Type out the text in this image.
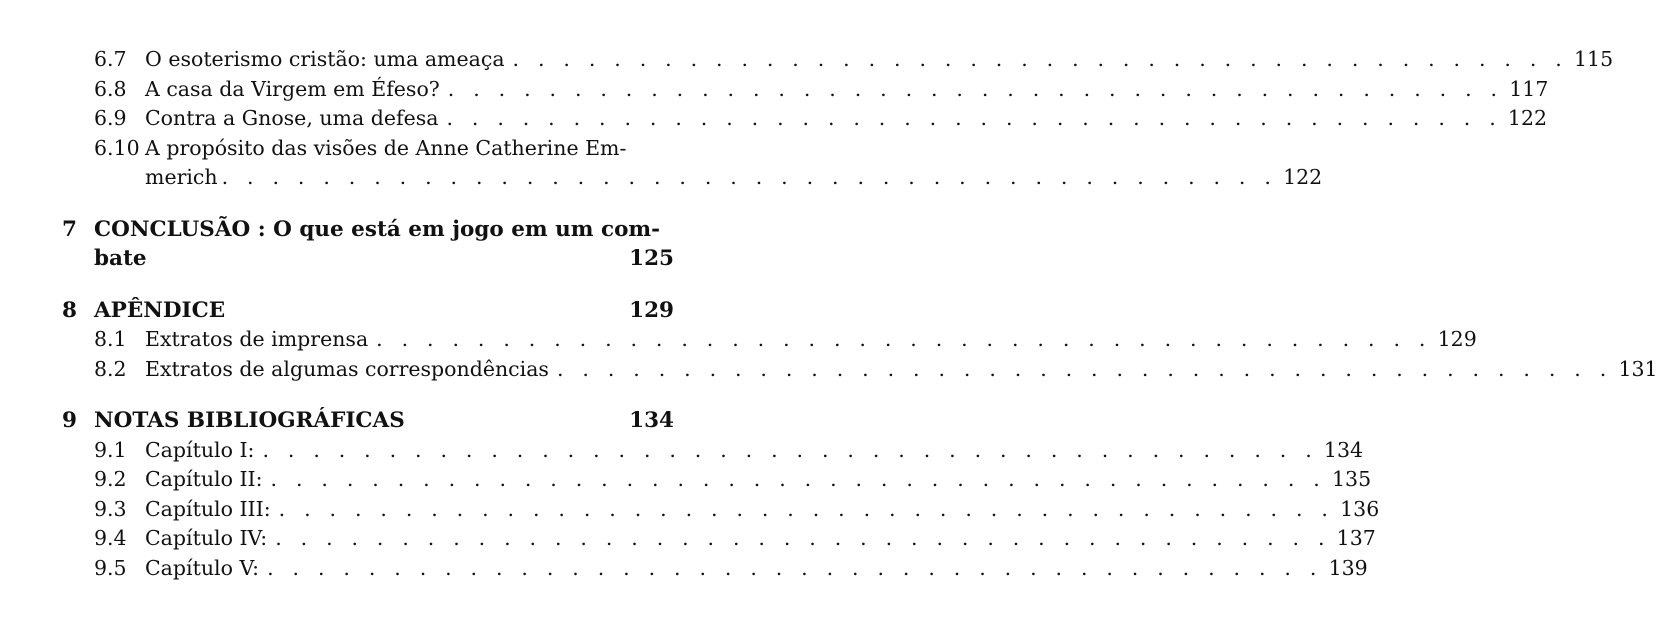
6.7 O esoterismo cristão: uma ameaça . . . . . . . . . . . . . . . . . . . . . . . . . . . . . . . . . . . . . . . . . . 115
6.8 A casa da Virgem em Éfeso? . . . . . . . . . . . . . . . . . . . . . . . . . . . . . . . . . . . . . . . . . . 117
6.9 Contra a Gnose, uma defesa . . . . . . . . . . . . . . . . . . . . . . . . . . . . . . . . . . . . . . . . . . 122
6.10 A propósito das visões de Anne Catherine Em-
merich . . . . . . . . . . . . . . . . . . . . . . . . . . . . . . . . . . . . . . . . . . 122
7 CONCLUSÃO : O que está em jogo em um com-
bate	125
8 APÊNDICE	129
8.1 Extratos de imprensa . . . . . . . . . . . . . . . . . . . . . . . . . . . . . . . . . . . . . . . . . . 129
8.2 Extratos de algumas correspondências . . . . . . . . . . . . . . . . . . . . . . . . . . . . . . . . . . . . . . . . . . 131
9 NOTAS BIBLIOGRÁFICAS	134
9.1 Capítulo I: . . . . . . . . . . . . . . . . . . . . . . . . . . . . . . . . . . . . . . . . . . 134
9.2 Capítulo II: . . . . . . . . . . . . . . . . . . . . . . . . . . . . . . . . . . . . . . . . . . 135
9.3 Capítulo III: . . . . . . . . . . . . . . . . . . . . . . . . . . . . . . . . . . . . . . . . . . 136
9.4 Capítulo IV: . . . . . . . . . . . . . . . . . . . . . . . . . . . . . . . . . . . . . . . . . . 137
9.5 Capítulo V: . . . . . . . . . . . . . . . . . . . . . . . . . . . . . . . . . . . . . . . . . . 139
